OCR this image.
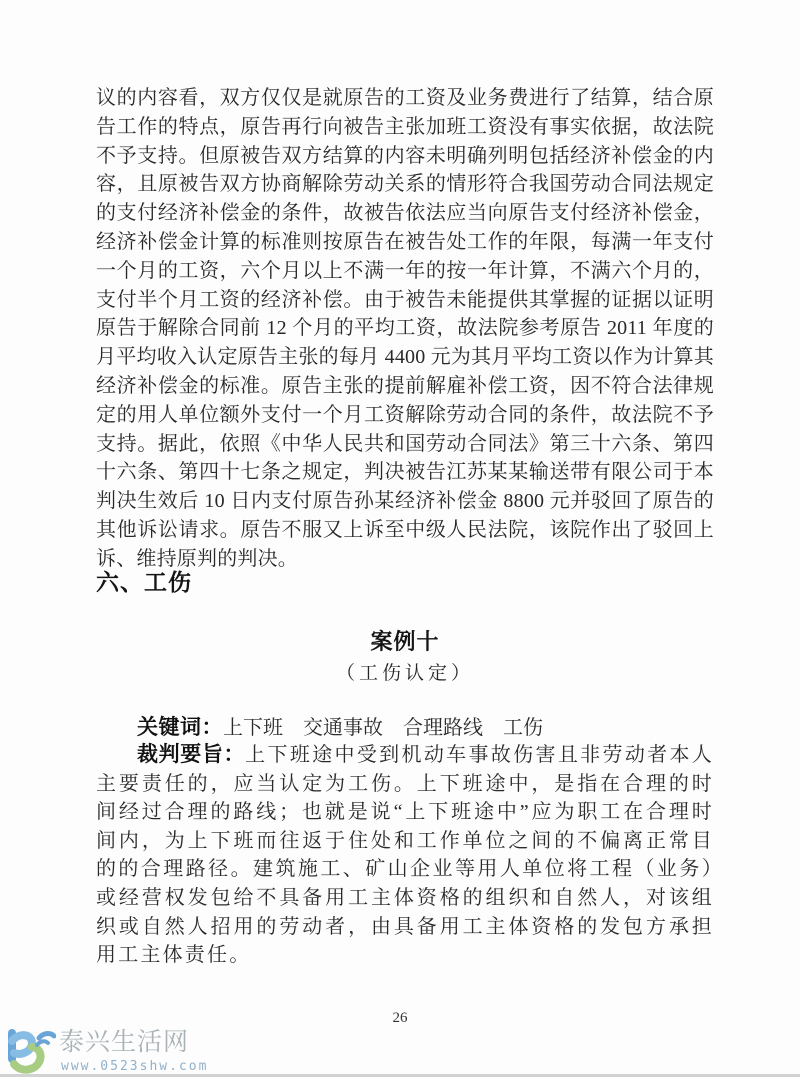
议的内容看，双方仅仅是就原告的工资及业务费进行了结算，结合原告工作的特点，原告再行向被告主张加班工资没有事实依据，故法院不予支持。但原被告双方结算的内容未明确列明包括经济补偿金的内容，且原被告双方协商解除劳动关系的情形符合我国劳动合同法规定的支付经济补偿金的条件，故被告依法应当向原告支付经济补偿金，经济补偿金计算的标准则按原告在被告处工作的年限，每满一年支付一个月的工资，六个月以上不满一年的按一年计算，不满六个月的，支付半个月工资的经济补偿。由于被告未能提供其掌握的证据以证明原告于解除合同前 12 个月的平均工资，故法院参考原告 2011 年度的月平均收入认定原告主张的每月 4400 元为其月平均工资以作为计算其经济补偿金的标准。原告主张的提前解雇补偿工资，因不符合法律规定的用人单位额外支付一个月工资解除劳动合同的条件，故法院不予支持。据此，依照《中华人民共和国劳动合同法》第三十六条、第四十六条、第四十七条之规定，判决被告江苏某某输送带有限公司于本判决生效后 10 日内支付原告孙某经济补偿金 8800 元并驳回了原告的其他诉讼请求。原告不服又上诉至中级人民法院，该院作出了驳回上诉、维持原判的判决。

六、工伤
案例十
（工伤认定）

关键词：上下班　交通事故　合理路线　工伤

裁判要旨：上下班途中受到机动车事故伤害且非劳动者本人主要责任的，应当认定为工伤。上下班途中，是指在合理的时间经过合理的路线；也就是说“上下班途中”应为职工在合理时间内，为上下班而往返于住处和工作单位之间的不偏离正常目的的合理路径。建筑施工、矿山企业等用人单位将工程（业务）或经营权发包给不具备用工主体资格的组织和自然人，对该组织或自然人招用的劳动者，由具备用工主体资格的发包方承担用工主体责任。

26
泰兴生活网
www.0523shw.com
